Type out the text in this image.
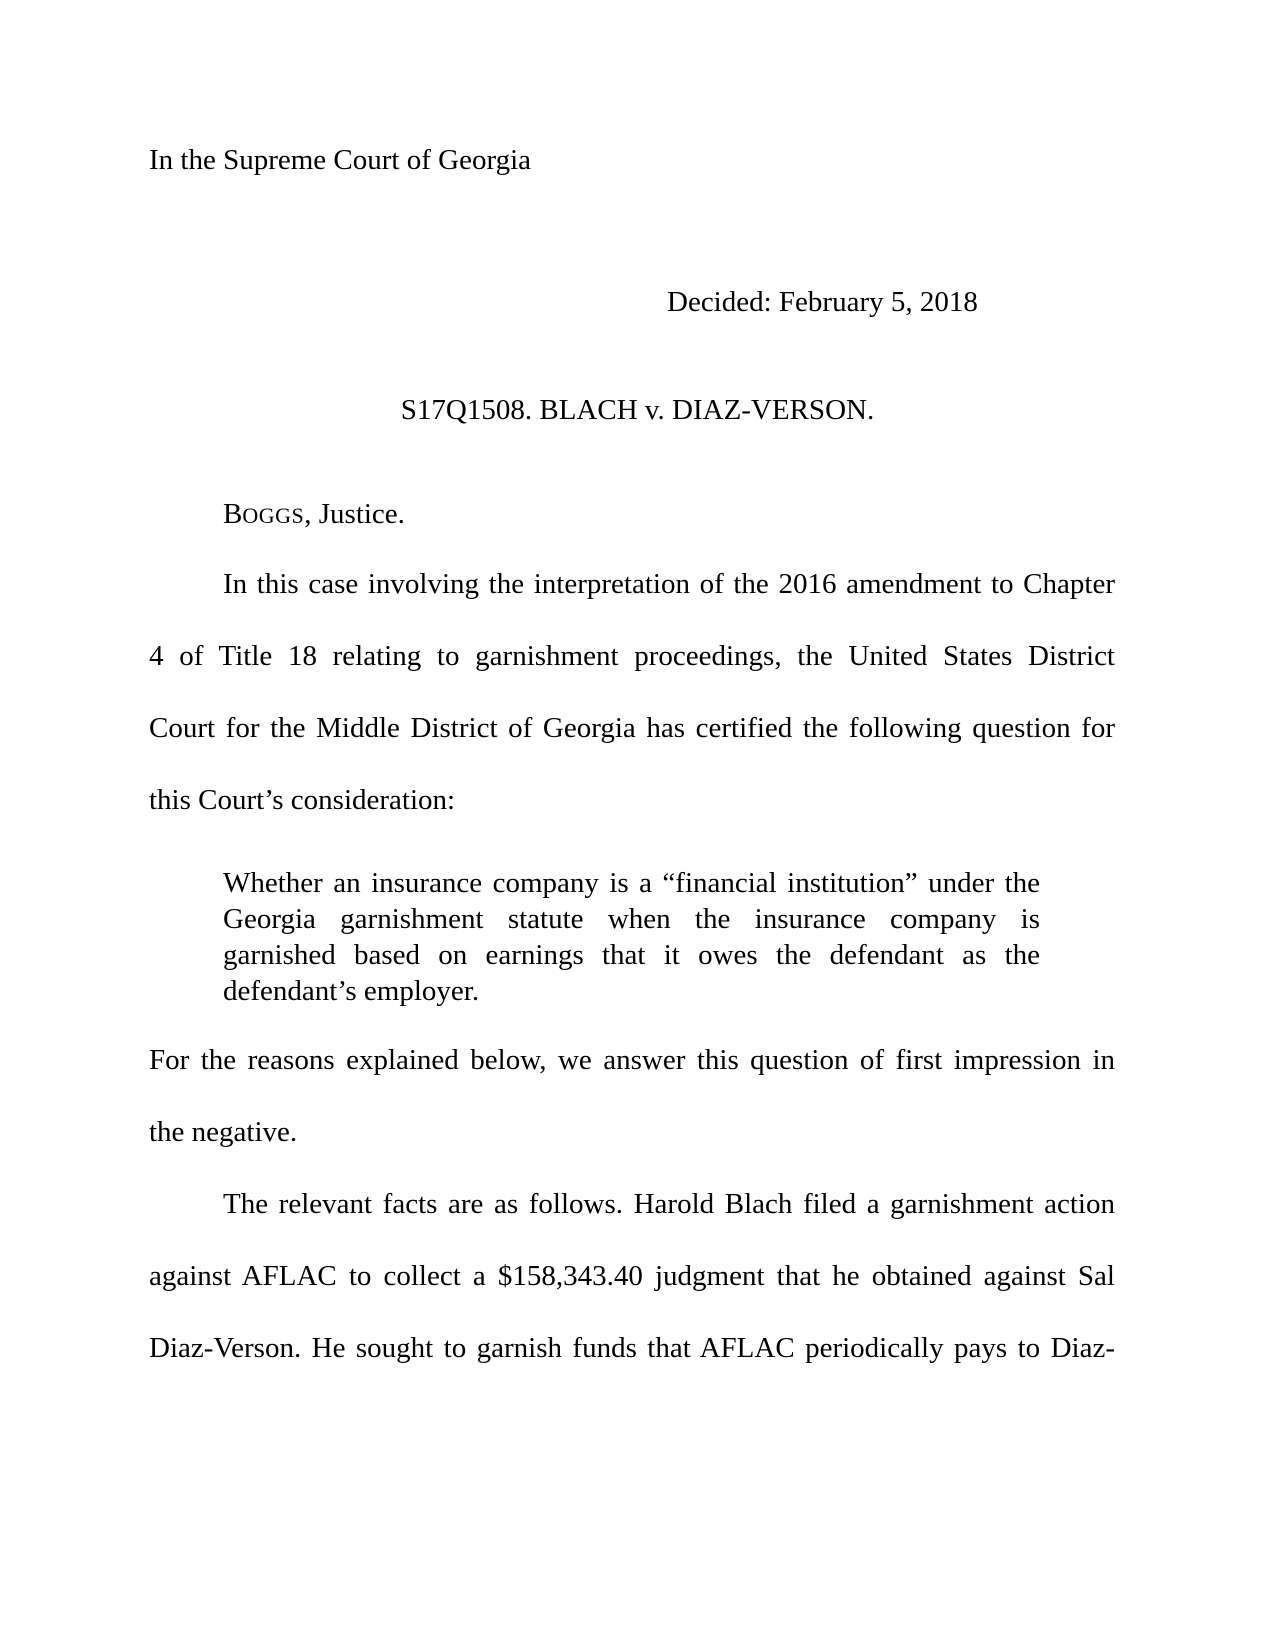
In the Supreme Court of Georgia
Decided: February 5, 2018
S17Q1508. BLACH v. DIAZ-VERSON.
BOGGS, Justice.
In this case involving the interpretation of the 2016 amendment to Chapter
4 of Title 18 relating to garnishment proceedings, the United States District
Court for the Middle District of Georgia has certified the following question for
this Court’s consideration:
Whether an insurance company is a “financial institution” under the
Georgia garnishment statute when the insurance company is
garnished based on earnings that it owes the defendant as the
defendant’s employer.
For the reasons explained below, we answer this question of first impression in
the negative.
The relevant facts are as follows. Harold Blach filed a garnishment action
against AFLAC to collect a $158,343.40 judgment that he obtained against Sal
Diaz-Verson. He sought to garnish funds that AFLAC periodically pays to Diaz-
